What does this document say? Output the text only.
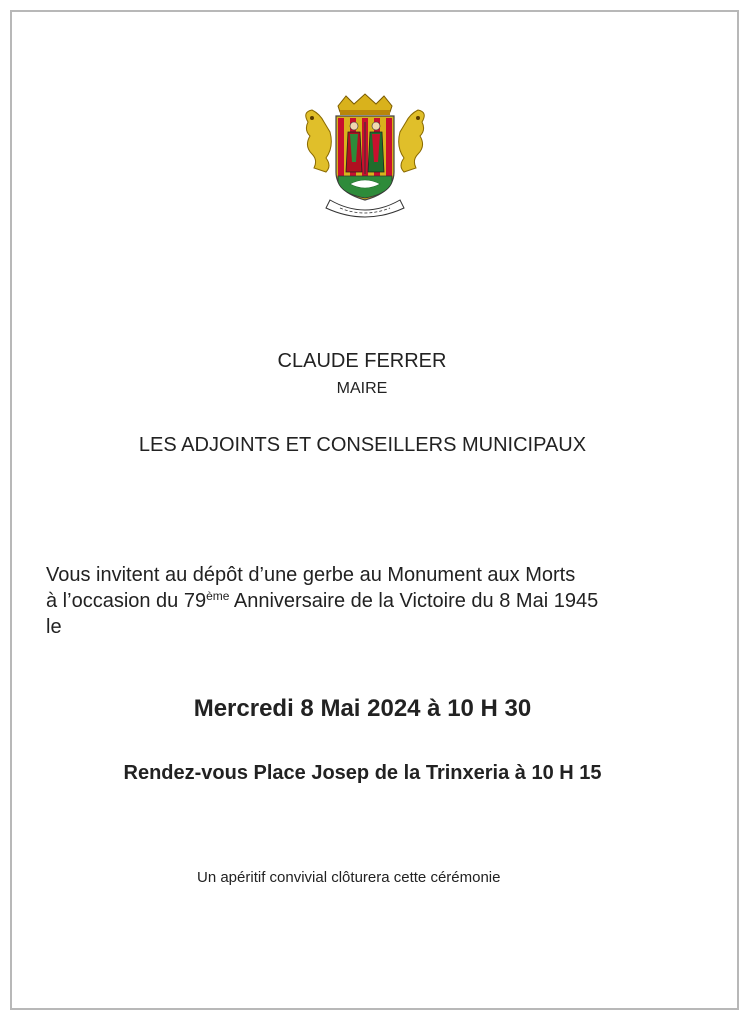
CLAUDE FERRER
MAIRE
LES ADJOINTS ET CONSEILLERS MUNICIPAUX
Vous invitent au dépôt d’une gerbe au Monument aux Morts
à l’occasion du 79ème Anniversaire de la Victoire du 8 Mai 1945
le
Mercredi 8 Mai 2024 à 10 H 30
Rendez-vous Place Josep de la Trinxeria à 10 H 15
Un apéritif convivial clôturera cette cérémonie
